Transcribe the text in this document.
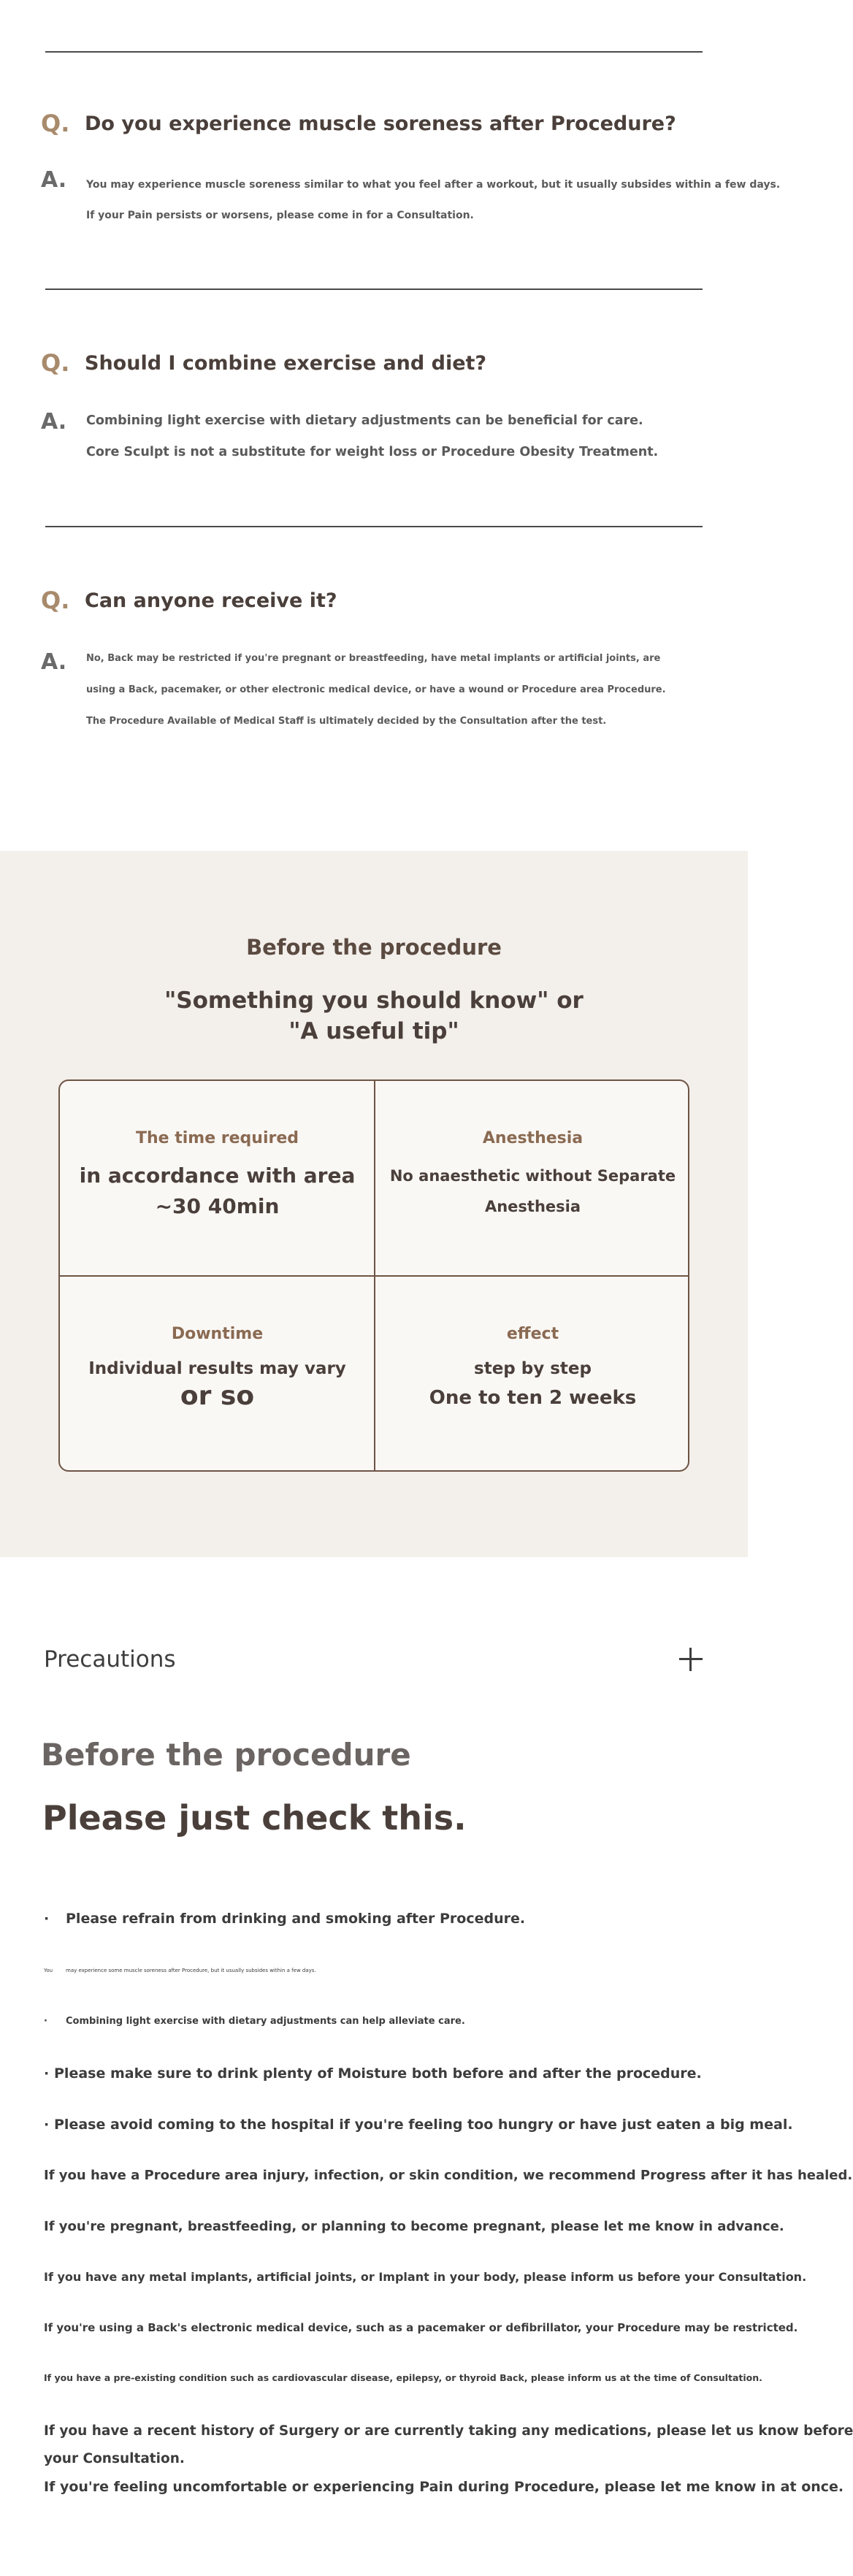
Q. Do you experience muscle soreness after Procedure?
A.	You may experience muscle soreness similar to what you feel after a workout, but it usually subsides within a few days.
If your Pain persists or worsens, please come in for a Consultation.
Q. Should I combine exercise and diet?
A.	Combining light exercise with dietary adjustments can be beneficial for care.
Core Sculpt is not a substitute for weight loss or Procedure Obesity Treatment.
Q. Can anyone receive it?
A.	No, Back may be restricted if you're pregnant or breastfeeding, have metal implants or artificial joints, are
using a Back, pacemaker, or other electronic medical device, or have a wound or Procedure area Procedure.
The Procedure Available of Medical Staff is ultimately decided by the Consultation after the test.
Before the procedure
"Something you should know" or
"A useful tip"
The time required
in accordance with area
~30 40min
Anesthesia
No anaesthetic without Separate
Anesthesia
Downtime
Individual results may vary
or so
effect
step by step
One to ten 2 weeks
Precautions
Before the procedure
Please just check this.
· Please refrain from drinking and smoking after Procedure.
You	may experience some muscle soreness after Procedure, but it usually subsides within a few days.
· Combining light exercise with dietary adjustments can help alleviate care.
· Please make sure to drink plenty of Moisture both before and after the procedure.
· Please avoid coming to the hospital if you're feeling too hungry or have just eaten a big meal.
If you have a Procedure area injury, infection, or skin condition, we recommend Progress after it has healed.
If you're pregnant, breastfeeding, or planning to become pregnant, please let me know in advance.
If you have any metal implants, artificial joints, or Implant in your body, please inform us before your Consultation.
If you're using a Back's electronic medical device, such as a pacemaker or defibrillator, your Procedure may be restricted.
If you have a pre-existing condition such as cardiovascular disease, epilepsy, or thyroid Back, please inform us at the time of Consultation.
If you have a recent history of Surgery or are currently taking any medications, please let us know before
your Consultation.
If you're feeling uncomfortable or experiencing Pain during Procedure, please let me know in at once.
